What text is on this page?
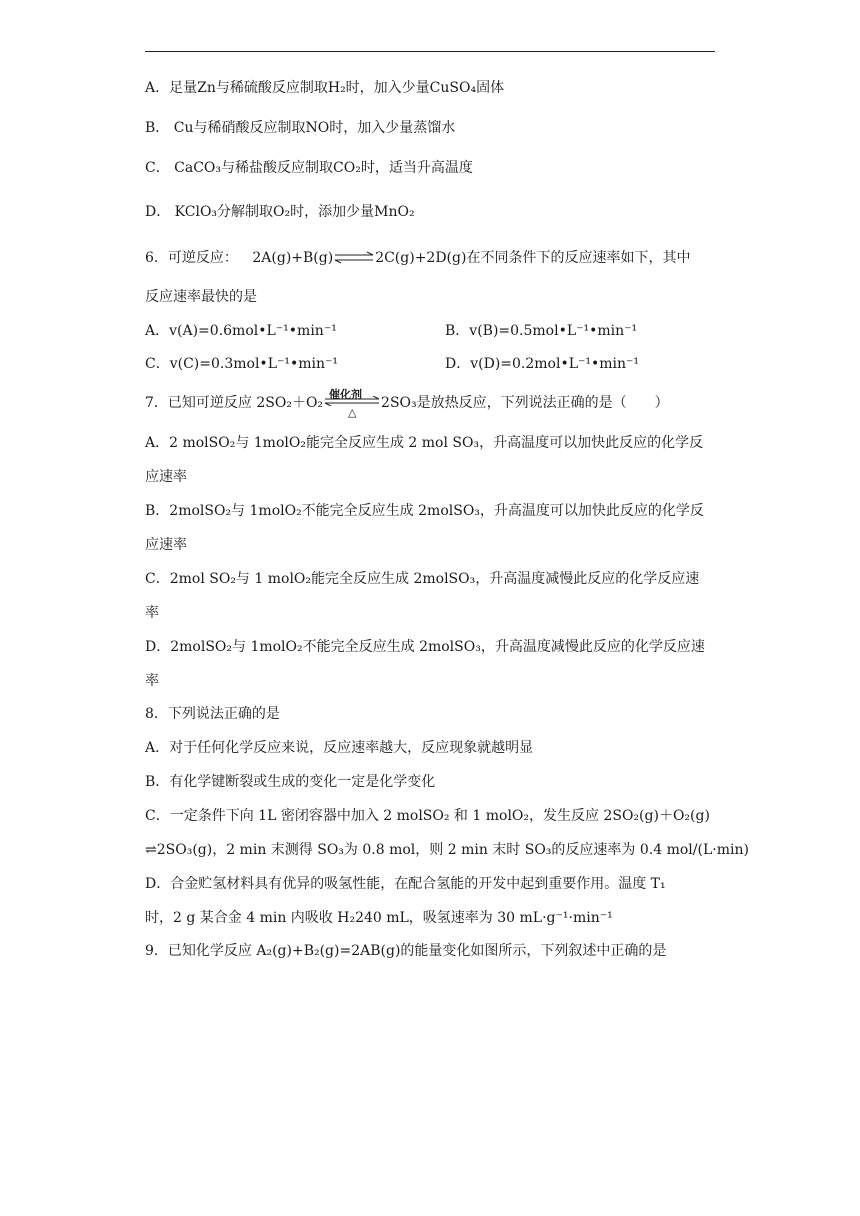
A．足量Zn与稀硫酸反应制取H₂时，加入少量CuSO₄固体
B． Cu与稀硝酸反应制取NO时，加入少量蒸馏水
C． CaCO₃与稀盐酸反应制取CO₂时，适当升高温度
D． KClO₃分解制取O₂时，添加少量MnO₂
6．可逆反应： 2A(g)+B(g)⇌2C(g)+2D(g)在不同条件下的反应速率如下，其中
反应速率最快的是
A．v(A)=0.6mol•L⁻¹•min⁻¹	B．v(B)=0.5mol•L⁻¹•min⁻¹
C．v(C)=0.3mol•L⁻¹•min⁻¹	D．v(D)=0.2mol•L⁻¹•min⁻¹
7．已知可逆反应 2SO₂＋O₂
催化剂
△
2SO₃是放热反应，下列说法正确的是（　　）
A．2 molSO₂与 1molO₂能完全反应生成 2 mol SO₃，升高温度可以加快此反应的化学反
应速率
B．2molSO₂与 1molO₂不能完全反应生成 2molSO₃，升高温度可以加快此反应的化学反
应速率
C．2mol SO₂与 1 molO₂能完全反应生成 2molSO₃，升高温度减慢此反应的化学反应速
率
D．2molSO₂与 1molO₂不能完全反应生成 2molSO₃，升高温度减慢此反应的化学反应速
率
8．下列说法正确的是
A．对于任何化学反应来说，反应速率越大，反应现象就越明显
B．有化学键断裂或生成的变化一定是化学变化
C．一定条件下向 1L 密闭容器中加入 2 molSO₂ 和 1 molO₂，发生反应 2SO₂(g)＋O₂(g)
⇌2SO₃(g)，2 min 末测得 SO₃为 0.8 mol，则 2 min 末时 SO₃的反应速率为 0.4 mol/(L·min)
D．合金贮氢材料具有优异的吸氢性能，在配合氢能的开发中起到重要作用。温度 T₁
时，2 g 某合金 4 min 内吸收 H₂240 mL，吸氢速率为 30 mL·g⁻¹·min⁻¹
9．已知化学反应 A₂(g)+B₂(g)=2AB(g)的能量变化如图所示，下列叙述中正确的是
